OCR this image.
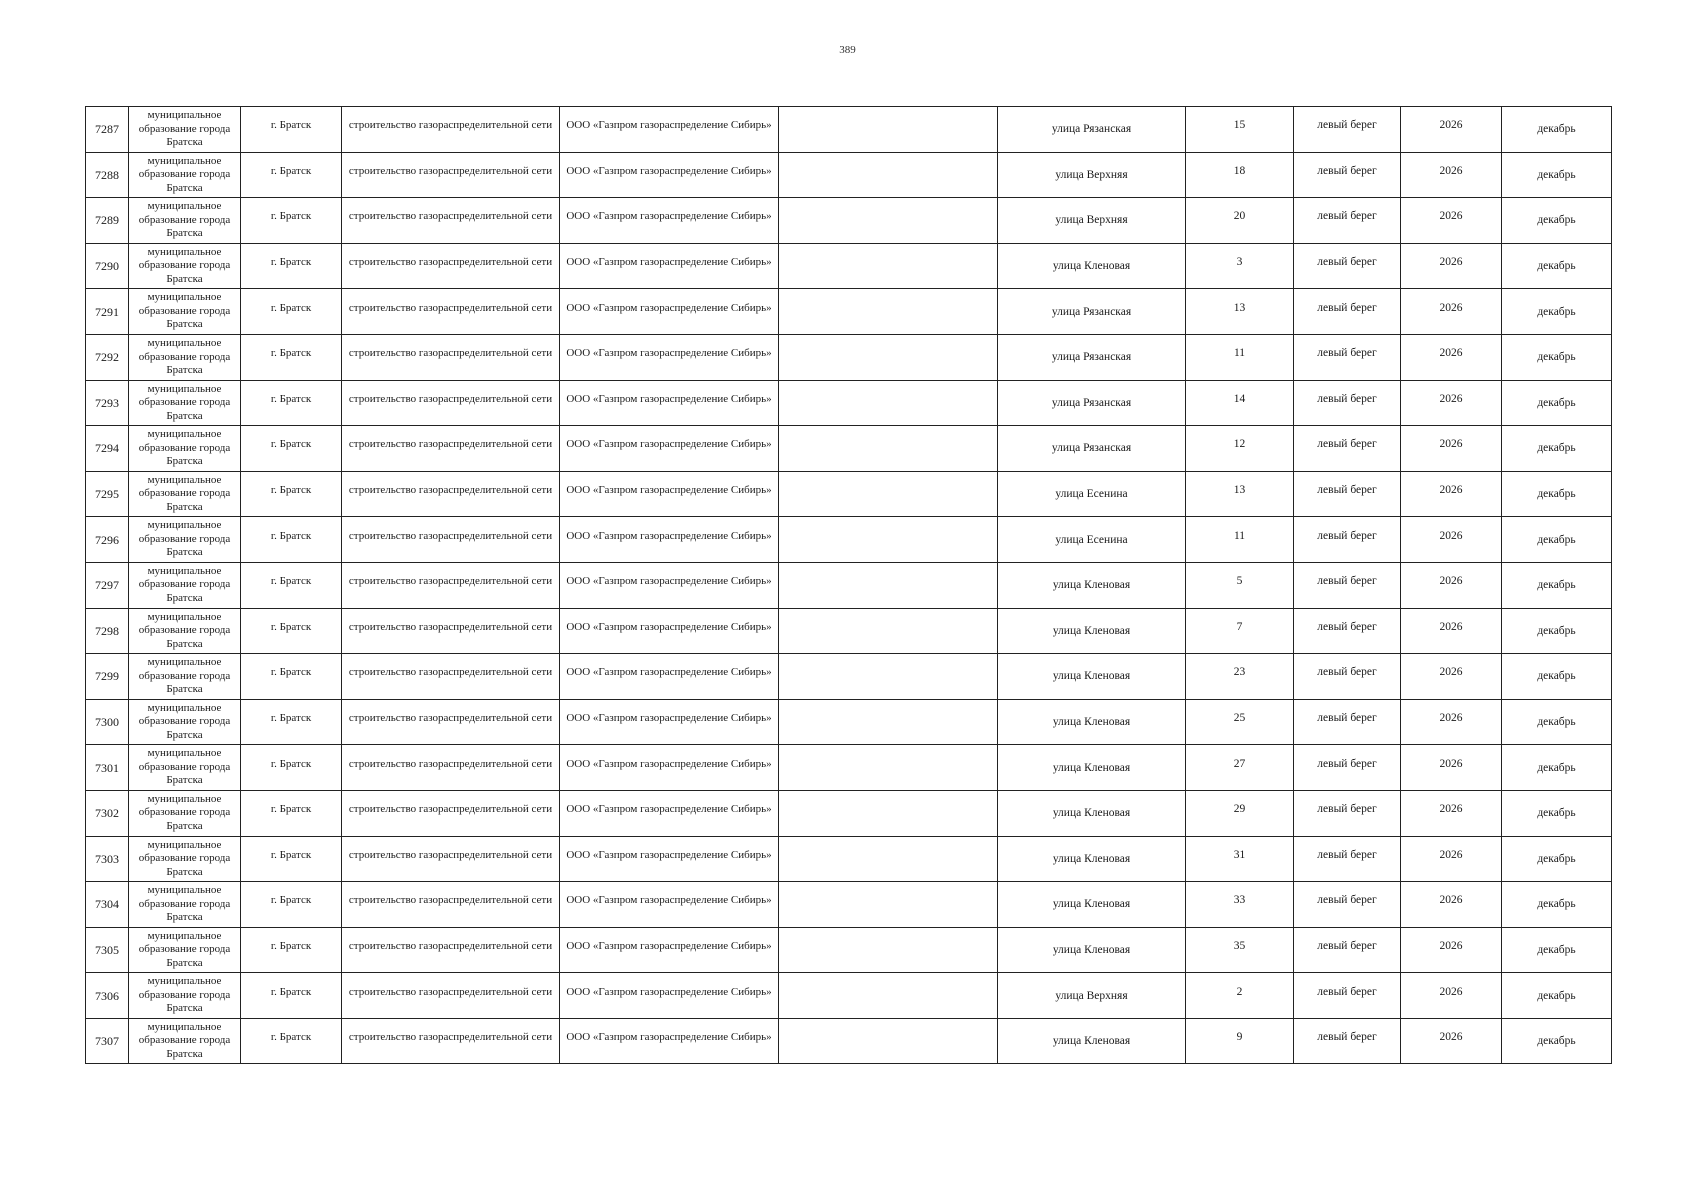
389
7287	муниципальное образование города Братска	г. Братск	строительство газораспределительной сети	ООО «Газпром газораспределение Сибирь»		улица Рязанская	15	левый берег	2026	декабрь
7288	муниципальное образование города Братска	г. Братск	строительство газораспределительной сети	ООО «Газпром газораспределение Сибирь»		улица Верхняя	18	левый берег	2026	декабрь
7289	муниципальное образование города Братска	г. Братск	строительство газораспределительной сети	ООО «Газпром газораспределение Сибирь»		улица Верхняя	20	левый берег	2026	декабрь
7290	муниципальное образование города Братска	г. Братск	строительство газораспределительной сети	ООО «Газпром газораспределение Сибирь»		улица Кленовая	3	левый берег	2026	декабрь
7291	муниципальное образование города Братска	г. Братск	строительство газораспределительной сети	ООО «Газпром газораспределение Сибирь»		улица Рязанская	13	левый берег	2026	декабрь
7292	муниципальное образование города Братска	г. Братск	строительство газораспределительной сети	ООО «Газпром газораспределение Сибирь»		улица Рязанская	11	левый берег	2026	декабрь
7293	муниципальное образование города Братска	г. Братск	строительство газораспределительной сети	ООО «Газпром газораспределение Сибирь»		улица Рязанская	14	левый берег	2026	декабрь
7294	муниципальное образование города Братска	г. Братск	строительство газораспределительной сети	ООО «Газпром газораспределение Сибирь»		улица Рязанская	12	левый берег	2026	декабрь
7295	муниципальное образование города Братска	г. Братск	строительство газораспределительной сети	ООО «Газпром газораспределение Сибирь»		улица Есенина	13	левый берег	2026	декабрь
7296	муниципальное образование города Братска	г. Братск	строительство газораспределительной сети	ООО «Газпром газораспределение Сибирь»		улица Есенина	11	левый берег	2026	декабрь
7297	муниципальное образование города Братска	г. Братск	строительство газораспределительной сети	ООО «Газпром газораспределение Сибирь»		улица Кленовая	5	левый берег	2026	декабрь
7298	муниципальное образование города Братска	г. Братск	строительство газораспределительной сети	ООО «Газпром газораспределение Сибирь»		улица Кленовая	7	левый берег	2026	декабрь
7299	муниципальное образование города Братска	г. Братск	строительство газораспределительной сети	ООО «Газпром газораспределение Сибирь»		улица Кленовая	23	левый берег	2026	декабрь
7300	муниципальное образование города Братска	г. Братск	строительство газораспределительной сети	ООО «Газпром газораспределение Сибирь»		улица Кленовая	25	левый берег	2026	декабрь
7301	муниципальное образование города Братска	г. Братск	строительство газораспределительной сети	ООО «Газпром газораспределение Сибирь»		улица Кленовая	27	левый берег	2026	декабрь
7302	муниципальное образование города Братска	г. Братск	строительство газораспределительной сети	ООО «Газпром газораспределение Сибирь»		улица Кленовая	29	левый берег	2026	декабрь
7303	муниципальное образование города Братска	г. Братск	строительство газораспределительной сети	ООО «Газпром газораспределение Сибирь»		улица Кленовая	31	левый берег	2026	декабрь
7304	муниципальное образование города Братска	г. Братск	строительство газораспределительной сети	ООО «Газпром газораспределение Сибирь»		улица Кленовая	33	левый берег	2026	декабрь
7305	муниципальное образование города Братска	г. Братск	строительство газораспределительной сети	ООО «Газпром газораспределение Сибирь»		улица Кленовая	35	левый берег	2026	декабрь
7306	муниципальное образование города Братска	г. Братск	строительство газораспределительной сети	ООО «Газпром газораспределение Сибирь»		улица Верхняя	2	левый берег	2026	декабрь
7307	муниципальное образование города Братска	г. Братск	строительство газораспределительной сети	ООО «Газпром газораспределение Сибирь»		улица Кленовая	9	левый берег	2026	декабрь
